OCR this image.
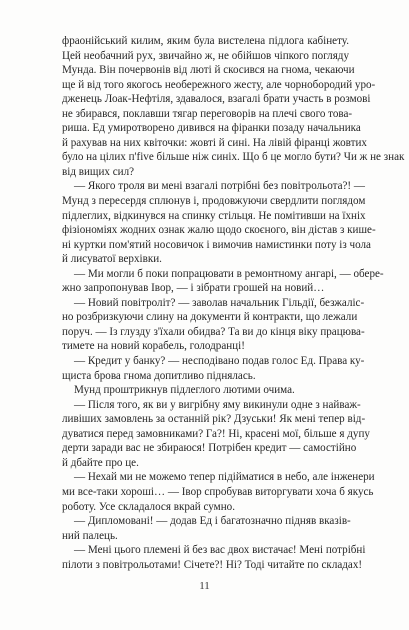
фраонійський килим, яким була вистелена підлога кабінету.
Цей необачний рух, звичайно ж, не обійшов чіпкого погляду
Мунда. Він почервонів від люті й скосився на гнома, чекаючи
ще й від того якогось необережного жесту, але чорнобородий уро-
дженець Лоак-Нефтіля, здавалося, взагалі брати участь в розмові
не збирався, поклавши тягар переговорів на плечі свого това-
риша. Ед умиротворено дивився на фіранки позаду начальника
й рахував на них квіточки: жовті й сині. На лівій фіранці жовтих
було на цілих п'five більше ніж синіх. Що б це могло бути? Чи ж не знак
від вищих сил?
— Якого троля ви мені взагалі потрібні без повітрольота?! —
Мунд з пересердя сплюнув і, продовжуючи свердлити поглядом
підлеглих, відкинувся на спинку стільця. Не помітивши на їхніх
фізіономіях жодних ознак жалю щодо скоєного, він дістав з кише-
ні куртки пом'ятий носовичок і вимочив намистинки поту із чола
й лисуватої верхівки.
— Ми могли б поки попрацювати в ремонтному ангарі, — обере-
жно запропонував Івор, — і зібрати грошей на новий…
— Новий повітроліт? — заволав начальник Гільдії, безжаліс-
но розбризкуючи слину на документи й контракти, що лежали
поруч. — Із глузду з'їхали обидва? Та ви до кінця віку працюва-
тимете на новий корабель, голодранці!
— Кредит у банку? — несподівано подав голос Ед. Права ку-
щиста брова гнома допитливо піднялась.
Мунд проштрикнув підлеглого лютими очима.
— Після того, як ви у вигрібну яму викинули одне з найваж-
ливіших замовлень за останній рік? Дзуськи! Як мені тепер від-
дуватися перед замовниками? Га?! Ні, красені мої, більше я дупу
дерти заради вас не збираюся! Потрібен кредит — самостійно
й дбайте про це.
— Нехай ми не можемо тепер підійматися в небо, але інженери
ми все-таки хороші… — Івор спробував виторгувати хоча б якусь
роботу. Усе складалося вкрай сумно.
— Дипломовані! — додав Ед і багатозначно підняв вказів-
ний палець.
— Мені цього племені й без вас двох вистачає! Мені потрібні
пілоти з повітрольотами! Січете?! Ні? Тоді читайте по складах!
11
